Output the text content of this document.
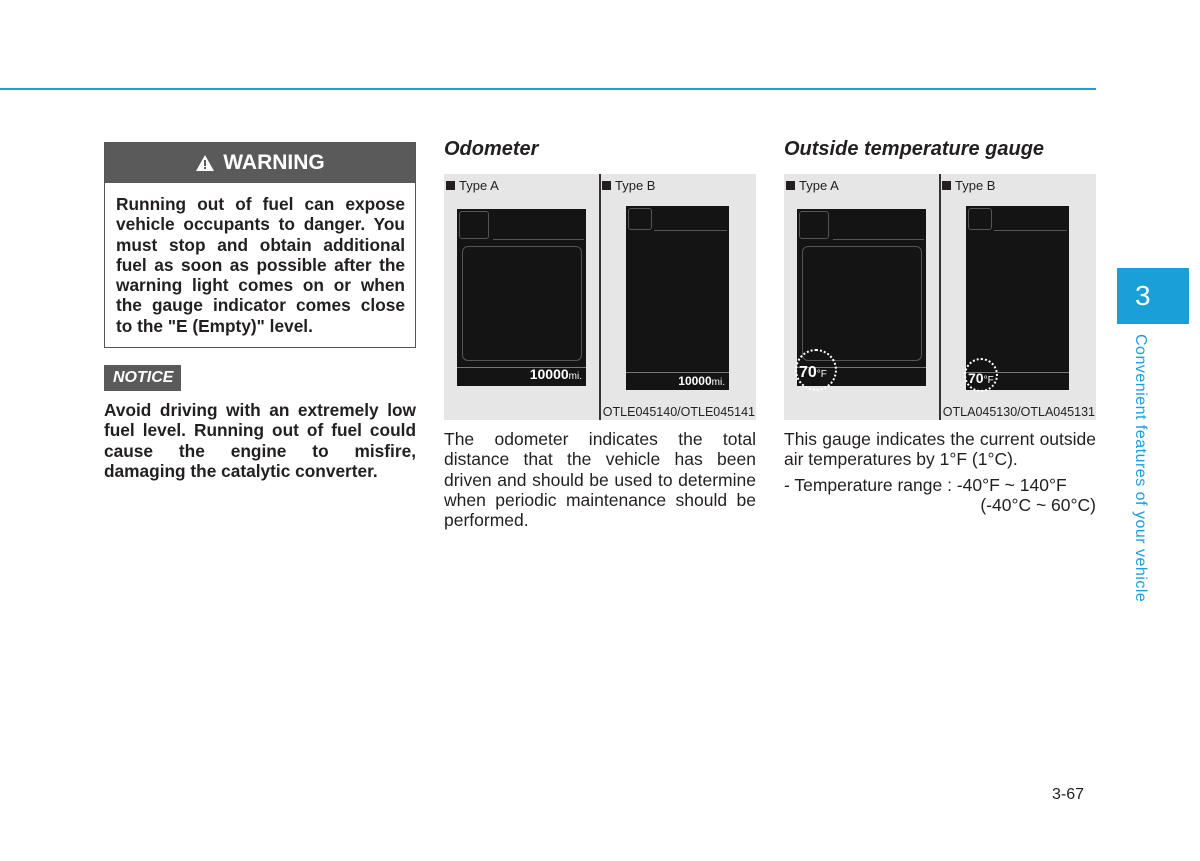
WARNING
Running out of fuel can expose vehicle occupants to danger. You must stop and obtain additional fuel as soon as possible after the warning light comes on or when the gauge indicator comes close to the "E (Empty)" level.
NOTICE
Avoid driving with an extremely low fuel level. Running out of fuel could cause the engine to misfire, damaging the catalytic converter.
Odometer
Type A	Type B
10000mi.	10000mi.
OTLE045140/OTLE045141
The odometer indicates the total distance that the vehicle has been driven and should be used to determine when periodic maintenance should be performed.
Outside temperature gauge
Type A	Type B
70°F	70°F
OTLA045130/OTLA045131
This gauge indicates the current outside air temperatures by 1°F (1°C).
- Temperature range : -40°F ~ 140°F
(-40°C ~ 60°C)
3
Convenient features of your vehicle
3-67
